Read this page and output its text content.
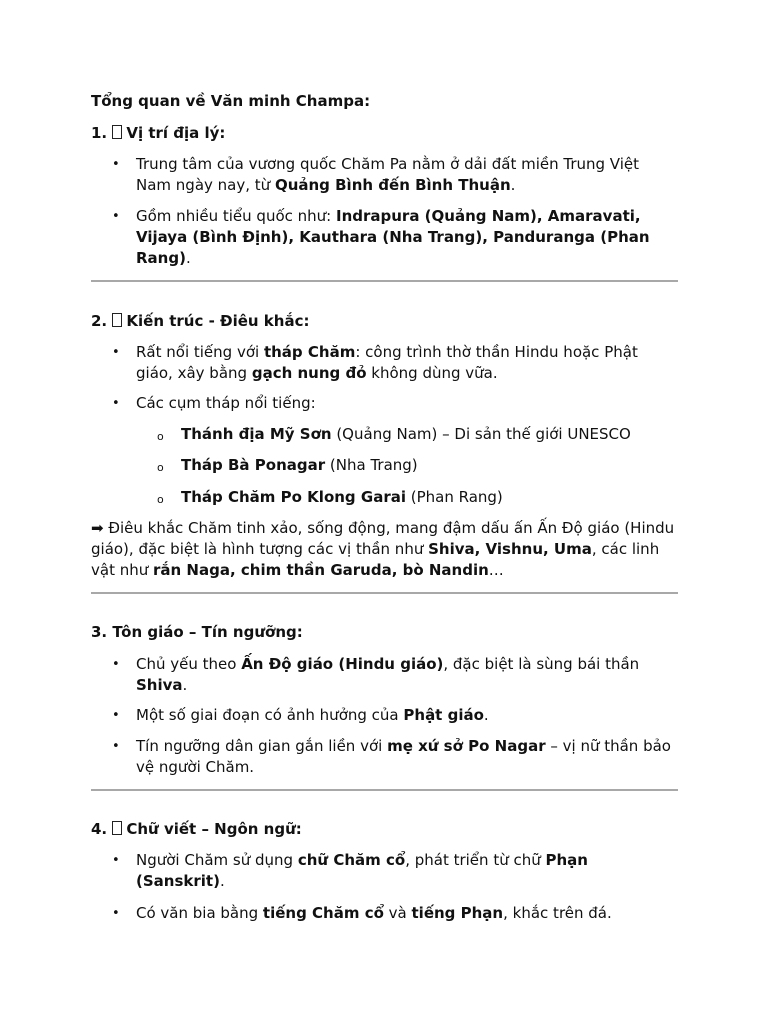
Tổng quan về Văn minh Champa:

1. Vị trí địa lý:

• Trung tâm của vương quốc Chăm Pa nằm ở dải đất miền Trung Việt Nam ngày nay, từ Quảng Bình đến Bình Thuận.
• Gồm nhiều tiểu quốc như: Indrapura (Quảng Nam), Amaravati, Vijaya (Bình Định), Kauthara (Nha Trang), Panduranga (Phan Rang).

2. Kiến trúc - Điêu khắc:

• Rất nổi tiếng với tháp Chăm: công trình thờ thần Hindu hoặc Phật giáo, xây bằng gạch nung đỏ không dùng vữa.
• Các cụm tháp nổi tiếng:
o Thánh địa Mỹ Sơn (Quảng Nam) – Di sản thế giới UNESCO
o Tháp Bà Ponagar (Nha Trang)
o Tháp Chăm Po Klong Garai (Phan Rang)

➡ Điêu khắc Chăm tinh xảo, sống động, mang đậm dấu ấn Ấn Độ giáo (Hindu giáo), đặc biệt là hình tượng các vị thần như Shiva, Vishnu, Uma, các linh vật như rắn Naga, chim thần Garuda, bò Nandin…

3. Tôn giáo – Tín ngưỡng:

• Chủ yếu theo Ấn Độ giáo (Hindu giáo), đặc biệt là sùng bái thần Shiva.
• Một số giai đoạn có ảnh hưởng của Phật giáo.
• Tín ngưỡng dân gian gắn liền với mẹ xứ sở Po Nagar – vị nữ thần bảo vệ người Chăm.

4. Chữ viết – Ngôn ngữ:

• Người Chăm sử dụng chữ Chăm cổ, phát triển từ chữ Phạn (Sanskrit).
• Có văn bia bằng tiếng Chăm cổ và tiếng Phạn, khắc trên đá.
